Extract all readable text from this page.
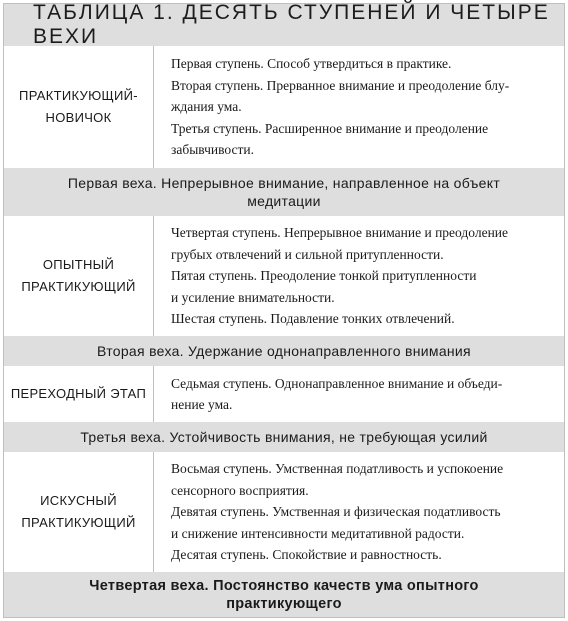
ТАБЛИЦА 1. ДЕСЯТЬ СТУПЕНЕЙ И ЧЕТЫРЕ ВЕХИ
ПРАКТИКУЮЩИЙ-
НОВИЧОК
Первая ступень. Способ утвердиться в практике.
Вторая ступень. Прерванное внимание и преодоление блу-
ждания ума.
Третья ступень. Расширенное внимание и преодоление
забывчивости.
Первая веха. Непрерывное внимание, направленное на объект
медитации
ОПЫТНЫЙ
ПРАКТИКУЮЩИЙ
Четвертая ступень. Непрерывное внимание и преодоление
грубых отвлечений и сильной притупленности.
Пятая ступень. Преодоление тонкой притупленности
и усиление внимательности.
Шестая ступень. Подавление тонких отвлечений.
Вторая веха. Удержание однонаправленного внимания
ПЕРЕХОДНЫЙ ЭТАП
Седьмая ступень. Однонаправленное внимание и объеди-
нение ума.
Третья веха. Устойчивость внимания, не требующая усилий
ИСКУСНЫЙ
ПРАКТИКУЮЩИЙ
Восьмая ступень. Умственная податливость и успокоение
сенсорного восприятия.
Девятая ступень. Умственная и физическая податливость
и снижение интенсивности медитативной радости.
Десятая ступень. Спокойствие и равностность.
Четвертая веха. Постоянство качеств ума опытного
практикующего
